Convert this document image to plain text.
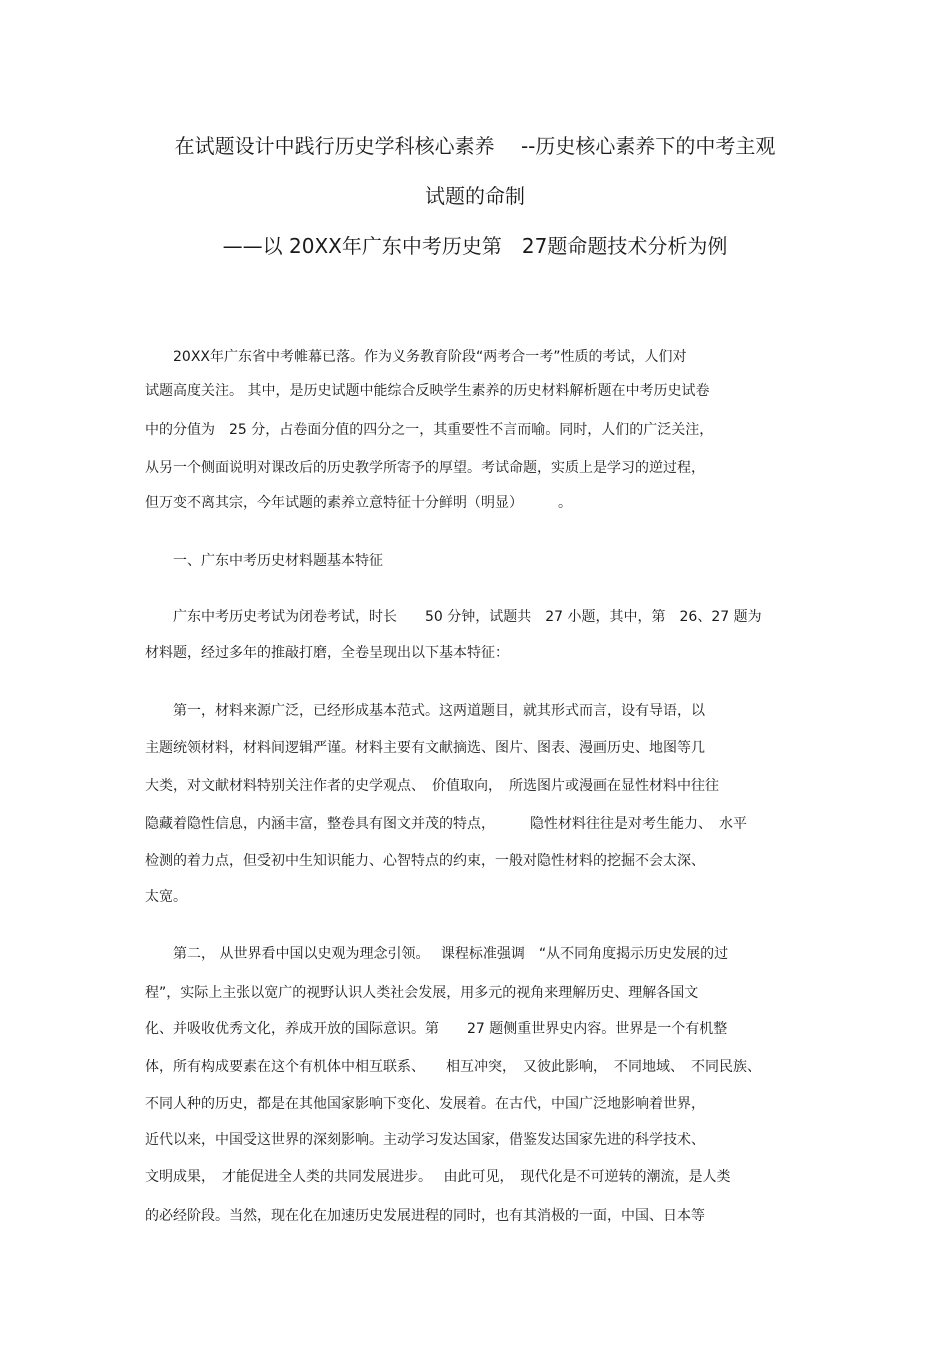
在试题设计中践行历史学科核心素养　 --历史核心素养下的中考主观
试题的命制
——以 20XX年广东中考历史第　27题命题技术分析为例
　　20XX年广东省中考帷幕已落。作为义务教育阶段“两考合一考”性质的考试，人们对
试题高度关注。 其中，是历史试题中能综合反映学生素养的历史材料解析题在中考历史试卷
中的分值为　25 分，占卷面分值的四分之一，其重要性不言而喻。同时，人们的广泛关注，
从另一个侧面说明对课改后的历史教学所寄予的厚望。考试命题，实质上是学习的逆过程，
但万变不离其宗，今年试题的素养立意特征十分鲜明（明显）　　　。
　　一、广东中考历史材料题基本特征
　　广东中考历史考试为闭卷考试，时长　　50 分钟，试题共　27 小题，其中，第　26、27 题为
材料题，经过多年的推敲打磨，全卷呈现出以下基本特征：
　　第一，材料来源广泛，已经形成基本范式。这两道题目，就其形式而言，设有导语，以
主题统领材料，材料间逻辑严谨。材料主要有文献摘选、图片、图表、漫画历史、地图等几
大类，对文献材料特别关注作者的史学观点、　价值取向，　所选图片或漫画在显性材料中往往
隐藏着隐性信息，内涵丰富，整卷具有图文并茂的特点，　　　隐性材料往往是对考生能力、　水平
检测的着力点，但受初中生知识能力、心智特点的约束，一般对隐性材料的挖掘不会太深、
太宽。
　　第二， 从世界看中国以史观为理念引领。　 课程标准强调　“从不同角度揭示历史发展的过
程”，实际上主张以宽广的视野认识人类社会发展，用多元的视角来理解历史、理解各国文
化、并吸收优秀文化，养成开放的国际意识。第　　27 题侧重世界史内容。世界是一个有机整
体，所有构成要素在这个有机体中相互联系、　　相互冲突，　又彼此影响，　不同地域、　不同民族、
不同人种的历史，都是在其他国家影响下变化、发展着。在古代，中国广泛地影响着世界，
近代以来，中国受这世界的深刻影响。主动学习发达国家，借鉴发达国家先进的科学技术、
文明成果，　才能促进全人类的共同发展进步。　 由此可见，　现代化是不可逆转的潮流，是人类
的必经阶段。当然，现在化在加速历史发展进程的同时，也有其消极的一面，中国、日本等
